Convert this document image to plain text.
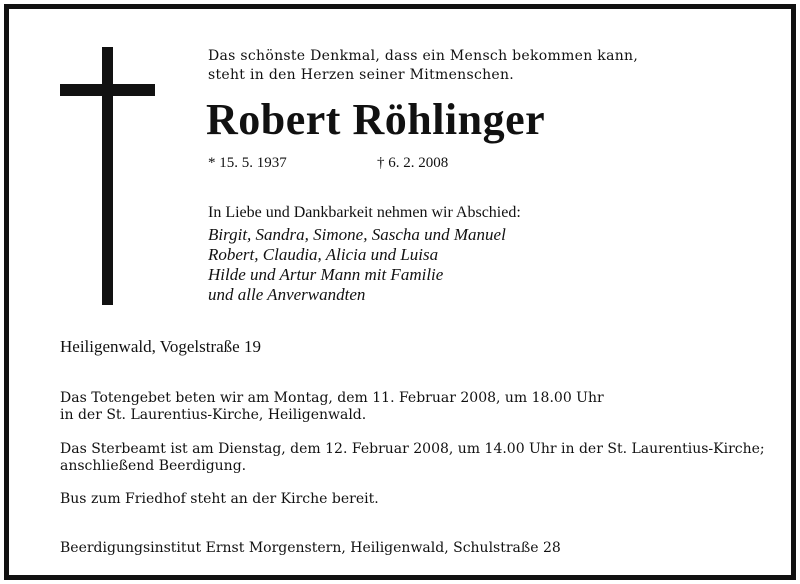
Das schönste Denkmal, dass ein Mensch bekommen kann,
steht in den Herzen seiner Mitmenschen.
Robert Röhlinger
* 15. 5. 1937	† 6. 2. 2008
In Liebe und Dankbarkeit nehmen wir Abschied:
Birgit, Sandra, Simone, Sascha und Manuel
Robert, Claudia, Alicia und Luisa
Hilde und Artur Mann mit Familie
und alle Anverwandten
Heiligenwald, Vogelstraße 19

Das Totengebet beten wir am Montag, dem 11. Februar 2008, um 18.00 Uhr
in der St. Laurentius-Kirche, Heiligenwald.

Das Sterbeamt ist am Dienstag, dem 12. Februar 2008, um 14.00 Uhr in der St. Laurentius-Kirche;
anschließend Beerdigung.

Bus zum Friedhof steht an der Kirche bereit.

Beerdigungsinstitut Ernst Morgenstern, Heiligenwald, Schulstraße 28
